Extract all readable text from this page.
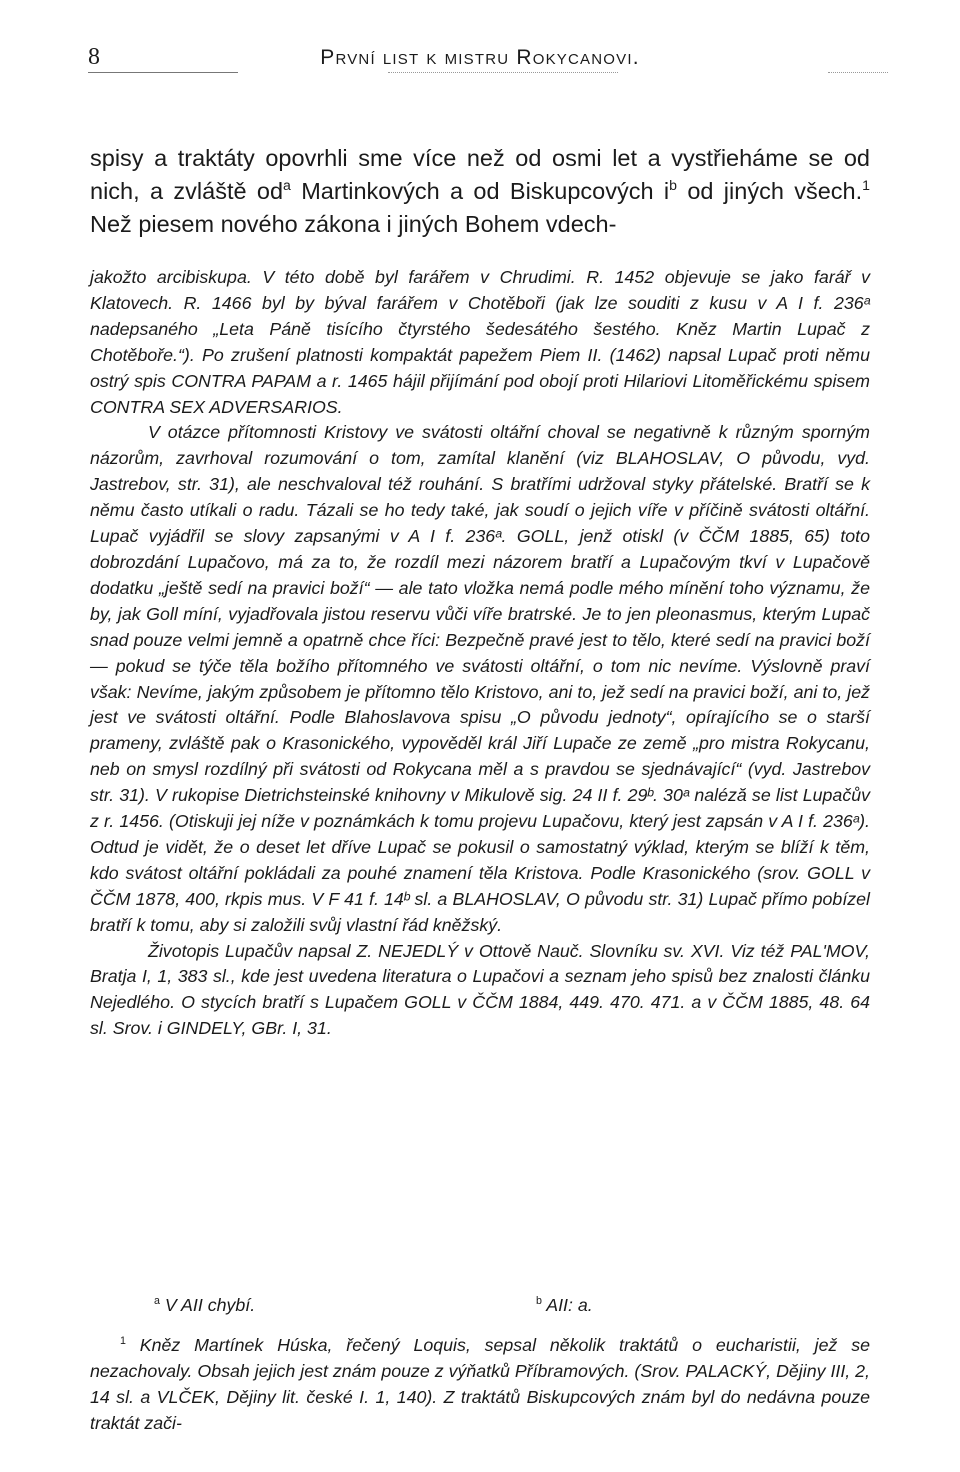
8	První list k mistru Rokycanovi.

spisy a traktáty opovrhli sme více než od osmi let a vystřieháme se od nich, a zvláště $od^a$ Martinkových a od Biskupcových $i^b$ od jiných všech.$^1$ Než piesem nového zákona i jiných Bohem vdech-

jakožto arcibiskupa. V této době byl farářem v Chrudimi. R. 1452 objevuje se jako farář v Klatovech. R. 1466 byl by býval farářem v Chotěboři (jak lze souditi z kusu v A I f. 236ᵃ nadepsaného „Leta Páně tisícího čtyrstého šedesátého šestého. Kněz Martin Lupač z Chotěboře.“). Po zrušení platnosti kompaktát papežem Piem II. (1462) napsal Lupač proti němu ostrý spis CONTRA PAPAM a r. 1465 hájil přijímání pod obojí proti Hilariovi Litoměřickému spisem CONTRA SEX ADVERSARIOS.

V otázce přítomnosti Kristovy ve svátosti oltářní choval se negativně k různým sporným názorům, zavrhoval rozumování o tom, zamítal klanění (viz BLAHOSLAV, O původu, vyd. Jastrebov, str. 31), ale neschvaloval též rouhání. S bratřími udržoval styky přátelské. Bratří se k němu často utíkali o radu. Tázali se ho tedy také, jak soudí o jejich víře v příčině svátosti oltářní. Lupač vyjádřil se slovy zapsanými v A I f. 236ᵃ. GOLL, jenž otiskl (v ČČM 1885, 65) toto dobrozdání Lupačovo, má za to, že rozdíl mezi názorem bratří a Lupačovým tkví v Lupačově dodatku „ještě sedí na pravici boží“ — ale tato vložka nemá podle mého mínění toho významu, že by, jak Goll míní, vyjadřovala jistou reservu vůči víře bratrské. Je to jen pleonasmus, kterým Lupač snad pouze velmi jemně a opatrně chce říci: Bezpečně pravé jest to tělo, které sedí na pravici boží — pokud se týče těla božího přítomného ve svátosti oltářní, o tom nic nevíme. Výslovně praví však: Nevíme, jakým způsobem je přítomno tělo Kristovo, ani to, jež sedí na pravici boží, ani to, jež jest ve svátosti oltářní. Podle Blahoslavova spisu „O původu jednoty“, opírajícího se o starší prameny, zvláště pak o Krasonického, vypověděl král Jiří Lupače ze země „pro mistra Rokycanu, neb on smysl rozdílný při svátosti od Rokycana měl a s pravdou se sjednávající“ (vyd. Jastrebov str. 31). V rukopise Dietrichsteinské knihovny v Mikulově sig. 24 II f. 29ᵇ. 30ᵃ naléză se list Lupačův z r. 1456. (Otiskuji jej níže v poznámkách k tomu projevu Lupačovu, který jest zapsán v A I f. 236ᵃ). Odtud je vidět, že o deset let dříve Lupač se pokusil o samostatný výklad, kterým se blíží k těm, kdo svátost oltářní pokládali za pouhé znamení těla Kristova. Podle Krasonického (srov. GOLL v ČČM 1878, 400, rkpis mus. V F 41 f. 14ᵇ sl. a BLAHOSLAV, O původu str. 31) Lupač přímo pobízel bratří k tomu, aby si založili svůj vlastní řád kněžský.

Životopis Lupačův napsal Z. NEJEDLÝ v Ottově Nauč. Slovníku sv. XVI. Viz též PAL'MOV, Bratja I, 1, 383 sl., kde jest uvedena literatura o Lupačovi a seznam jeho spisů bez znalosti článku Nejedlého. O stycích bratří s Lupačem GOLL v ČČM 1884, 449. 470. 471. a v ČČM 1885, 48. 64 sl. Srov. i GINDELY, GBr. I, 31.

$^a$ V AII chybí.	$^b$ AII: a.

$^1$ Kněz Martínek Húska, řečený Loquis, sepsal několik traktátů o eucharistii, jež se nezachovaly. Obsah jejich jest znám pouze z výňatků Příbramových. (Srov. PALACKÝ, Dějiny III, 2, 14 sl. a VLČEK, Dějiny lit. české I. 1, 140). Z traktátů Biskupcových znám byl do nedávna pouze traktát zači-
